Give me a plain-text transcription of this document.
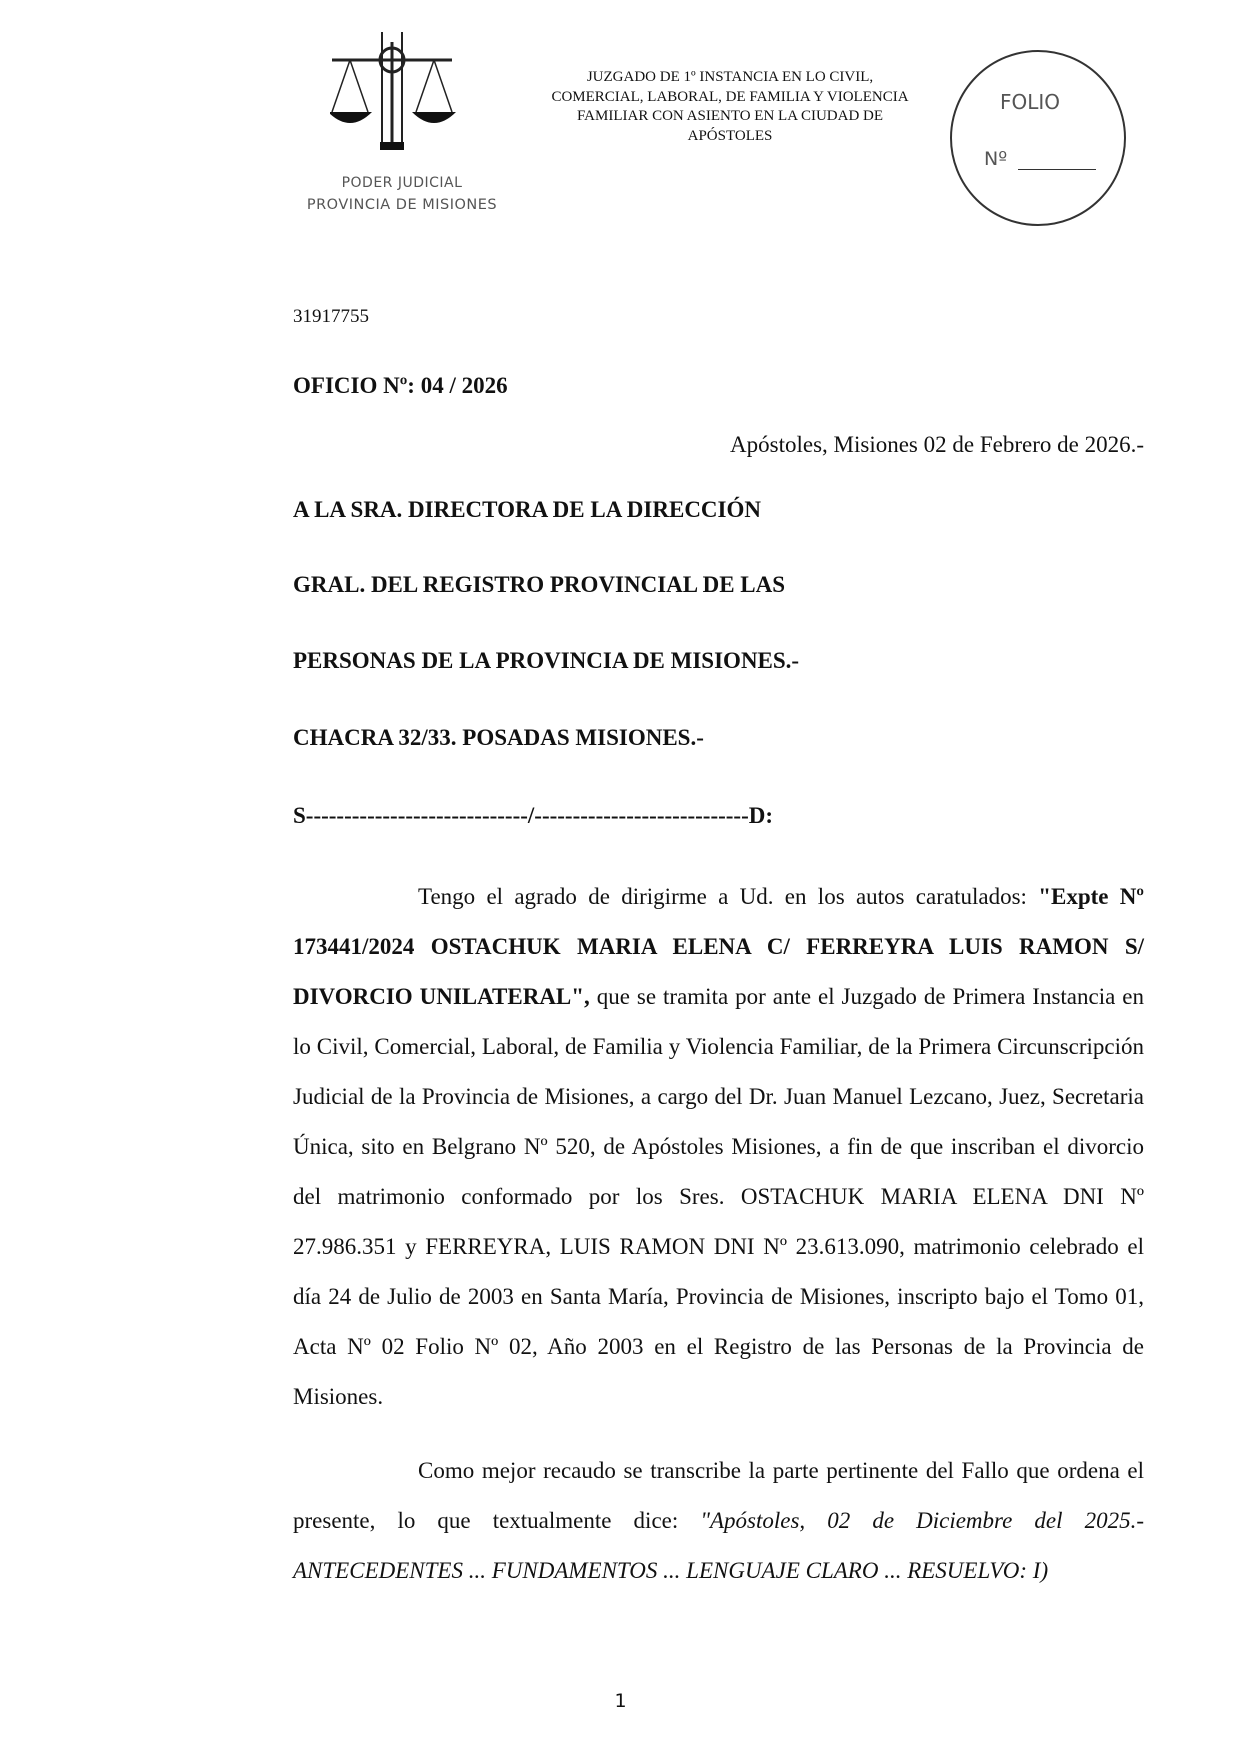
PODER JUDICIAL
PROVINCIA DE MISIONES
JUZGADO DE 1º INSTANCIA EN LO CIVIL,
COMERCIAL, LABORAL, DE FAMILIA Y VIOLENCIA
FAMILIAR CON ASIENTO EN LA CIUDAD DE
APÓSTOLES
FOLIO
Nº
31917755
OFICIO Nº: 04 / 2026
Apóstoles, Misiones 02 de Febrero de 2026.-
A LA SRA. DIRECTORA DE LA DIRECCIÓN
GRAL. DEL REGISTRO PROVINCIAL DE LAS
PERSONAS DE LA PROVINCIA DE MISIONES.-
CHACRA 32/33. POSADAS MISIONES.-
S-----------------------------/----------------------------D:

Tengo el agrado de dirigirme a Ud. en los autos caratulados: "Expte Nº 173441/2024 OSTACHUK MARIA ELENA C/ FERREYRA LUIS RAMON S/ DIVORCIO UNILATERAL", que se tramita por ante el Juzgado de Primera Instancia en lo Civil, Comercial, Laboral, de Familia y Violencia Familiar, de la Primera Circunscripción Judicial de la Provincia de Misiones, a cargo del Dr. Juan Manuel Lezcano, Juez, Secretaria Única, sito en Belgrano Nº 520, de Apóstoles Misiones, a fin de que inscriban el divorcio del matrimonio conformado por los Sres. OSTACHUK MARIA ELENA DNI Nº 27.986.351 y FERREYRA, LUIS RAMON DNI Nº 23.613.090, matrimonio celebrado el día 24 de Julio de 2003 en Santa María, Provincia de Misiones, inscripto bajo el Tomo 01, Acta Nº 02 Folio Nº 02, Año 2003 en el Registro de las Personas de la Provincia de Misiones.

Como mejor recaudo se transcribe la parte pertinente del Fallo que ordena el presente, lo que textualmente dice: "Apóstoles, 02 de Diciembre del 2025.- ANTECEDENTES ... FUNDAMENTOS ... LENGUAJE CLARO ... RESUELVO: I)

1
